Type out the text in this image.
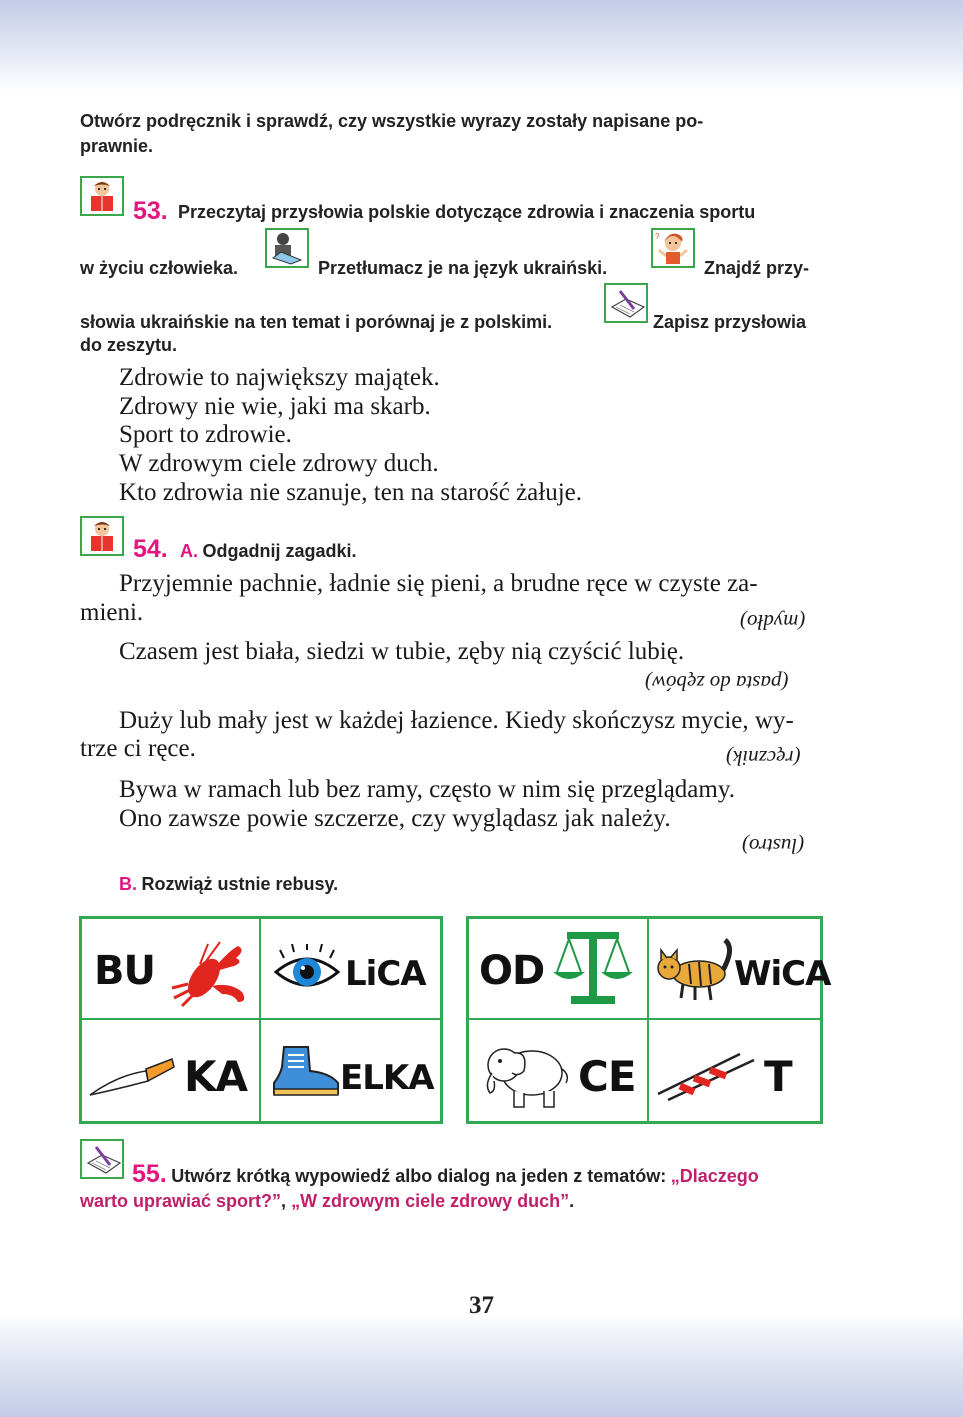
Otwórz podręcznik i sprawdź, czy wszystkie wyrazy zostały napisane po-
prawnie.
53. Przeczytaj przysłowia polskie dotyczące zdrowia i znaczenia sportu
w życiu człowieka.	Przetłumacz je na język ukraiński.
?
Znajdź przy-
słowia ukraińskie na ten temat i porównaj je z polskimi.	Zapisz przysłowia
do zeszytu.
Zdrowie to największy majątek.
Zdrowy nie wie, jaki ma skarb.
Sport to zdrowie.
W zdrowym ciele zdrowy duch.
Kto zdrowia nie szanuje, ten na starość żałuje.
54. A. Odgadnij zagadki.
Przyjemnie pachnie, ładnie się pieni, a brudne ręce w czyste za-
mieni.	(mydło)
Czasem jest biała, siedzi w tubie, zęby nią czyścić lubię.
(pasta do zębów)
Duży lub mały jest w każdej łazience. Kiedy skończysz mycie, wy-
trze ci ręce.	(ręcznik)
Bywa w ramach lub bez ramy, często w nim się przeglądamy.
Ono zawsze powie szczerze, czy wyglądasz jak należy.
(lustro)
B. Rozwiąż ustnie rebusy.
BU	LiCA OD	WiCA
KA	ELKA	CE	T
55. Utwórz krótką wypowiedź albo dialog na jeden z tematów: „Dlaczego
warto uprawiać sport?”, „W zdrowym ciele zdrowy duch”.
37
